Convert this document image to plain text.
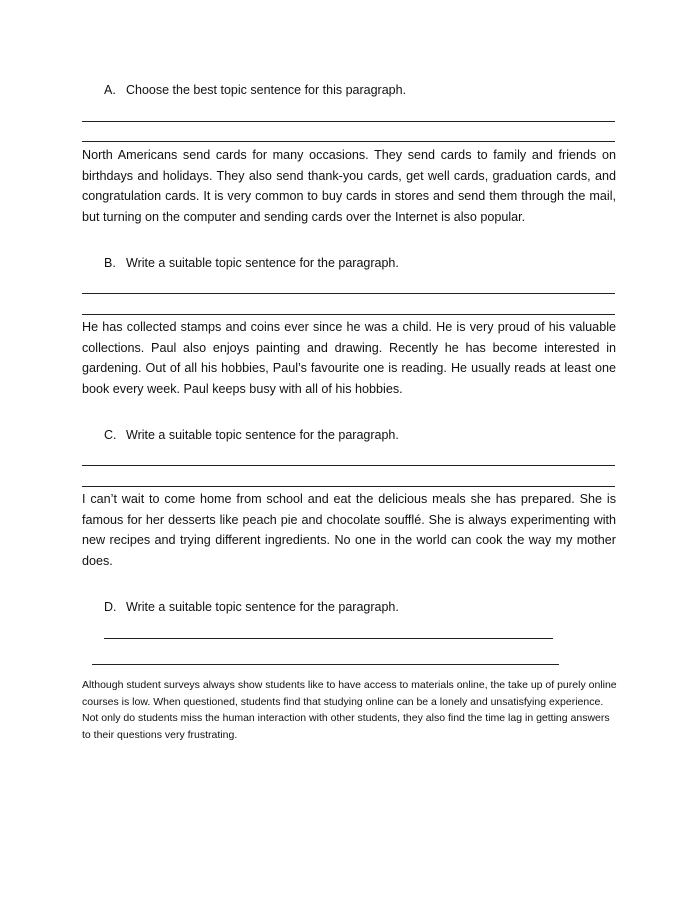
A. Choose the best topic sentence for this paragraph.

North Americans send cards for many occasions. They send cards to family and friends on birthdays and holidays. They also send thank-you cards, get well cards, graduation cards, and congratulation cards. It is very common to buy cards in stores and send them through the mail, but turning on the computer and sending cards over the Internet is also popular.

B. Write a suitable topic sentence for the paragraph.

He has collected stamps and coins ever since he was a child. He is very proud of his valuable collections. Paul also enjoys painting and drawing. Recently he has become interested in gardening. Out of all his hobbies, Paul’s favourite one is reading. He usually reads at least one book every week. Paul keeps busy with all of his hobbies.

C. Write a suitable topic sentence for the paragraph.

I can’t wait to come home from school and eat the delicious meals she has prepared. She is famous for her desserts like peach pie and chocolate soufflé. She is always experimenting with new recipes and trying different ingredients. No one in the world can cook the way my mother does.

D. Write a suitable topic sentence for the paragraph.

Although student surveys always show students like to have access to materials online, the take up of purely online courses is low. When questioned, students find that studying online can be a lonely and unsatisfying experience. Not only do students miss the human interaction with other students, they also find the time lag in getting answers to their questions very frustrating.
